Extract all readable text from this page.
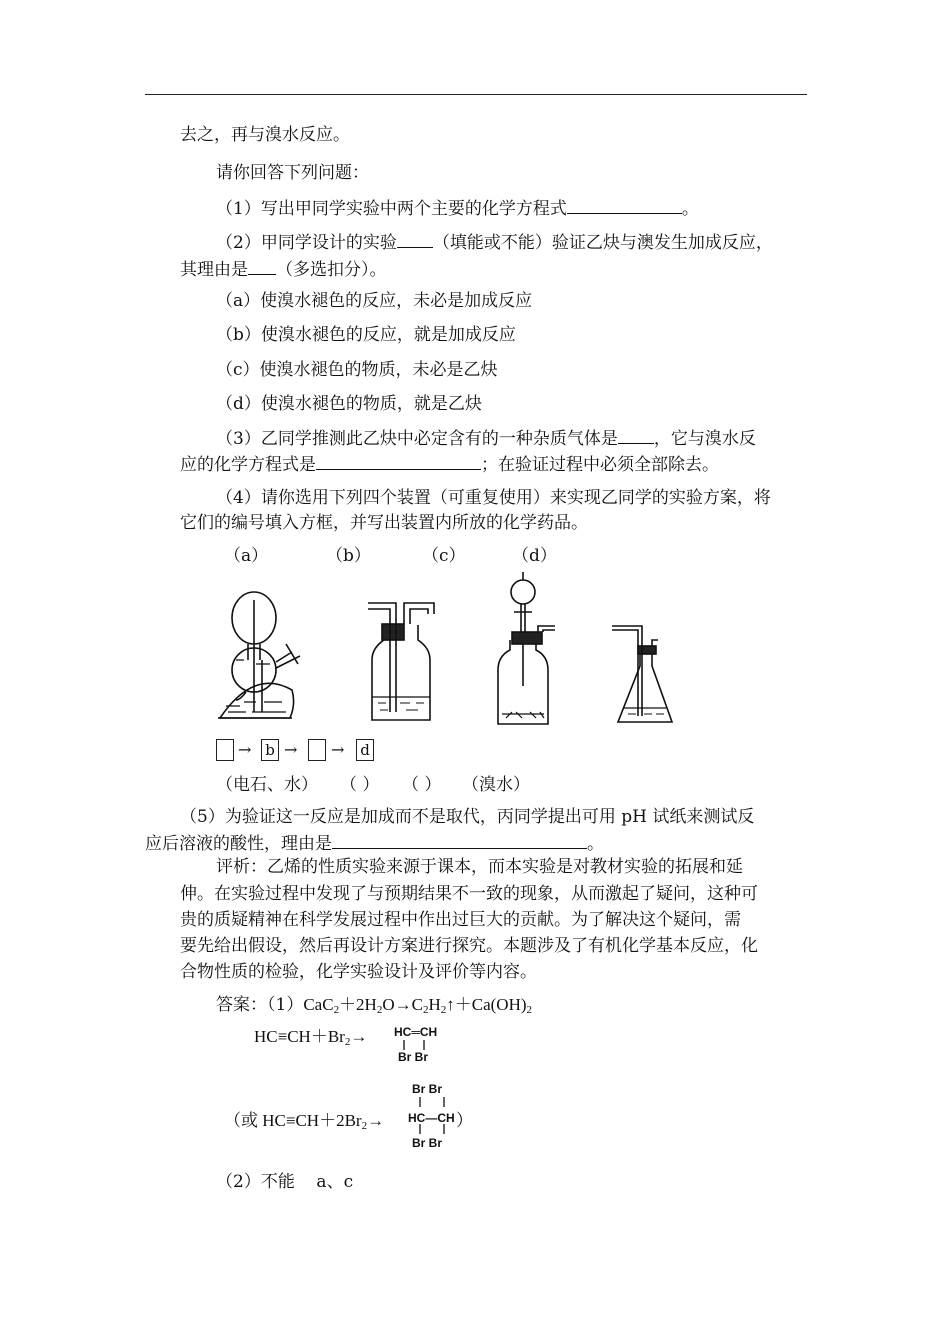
去之，再与溴水反应。
请你回答下列问题：
（1）写出甲同学实验中两个主要的化学方程式	。
（2）甲同学设计的实验 （填能或不能）验证乙炔与澳发生加成反应，
其理由是 （多选扣分）。
（a）使溴水褪色的反应，未必是加成反应
（b）使溴水褪色的反应，就是加成反应
（c）使溴水褪色的物质，未必是乙炔
（d）使溴水褪色的物质，就是乙炔
（3）乙同学推测此乙炔中必定含有的一种杂质气体是 ，它与溴水反
应的化学方程式是	；在验证过程中必须全部除去。
（4）请你选用下列四个装置（可重复使用）来实现乙同学的实验方案，将
它们的编号填入方框，并写出装置内所放的化学药品。
（a）	（b）	（c）	（d）
→ b → → d
（电石、水） （ ） （ ） （溴水）
（5）为验证这一反应是加成而不是取代，丙同学提出可用 pH 试纸来测试反
应后溶液的酸性，理由是	。
评析：乙烯的性质实验来源于课本，而本实验是对教材实验的拓展和延
伸。在实验过程中发现了与预期结果不一致的现象，从而激起了疑问，这种可
贵的质疑精神在科学发展过程中作出过巨大的贡献。为了解决这个疑问，需
要先给出假设，然后再设计方案进行探究。本题涉及了有机化学基本反应，化
合物性质的检验，化学实验设计及评价等内容。
答案：$(1)CaC_2+2H_2O\to C_2H_2↑+Ca(OH)_2$
$HC\equiv CH+Br_2\to$ HC═CH
Br Br
Br Br
（或 $HC\equiv CH+2Br_2\to$ HC—CH ）
Br Br
（2）不能    a、c
